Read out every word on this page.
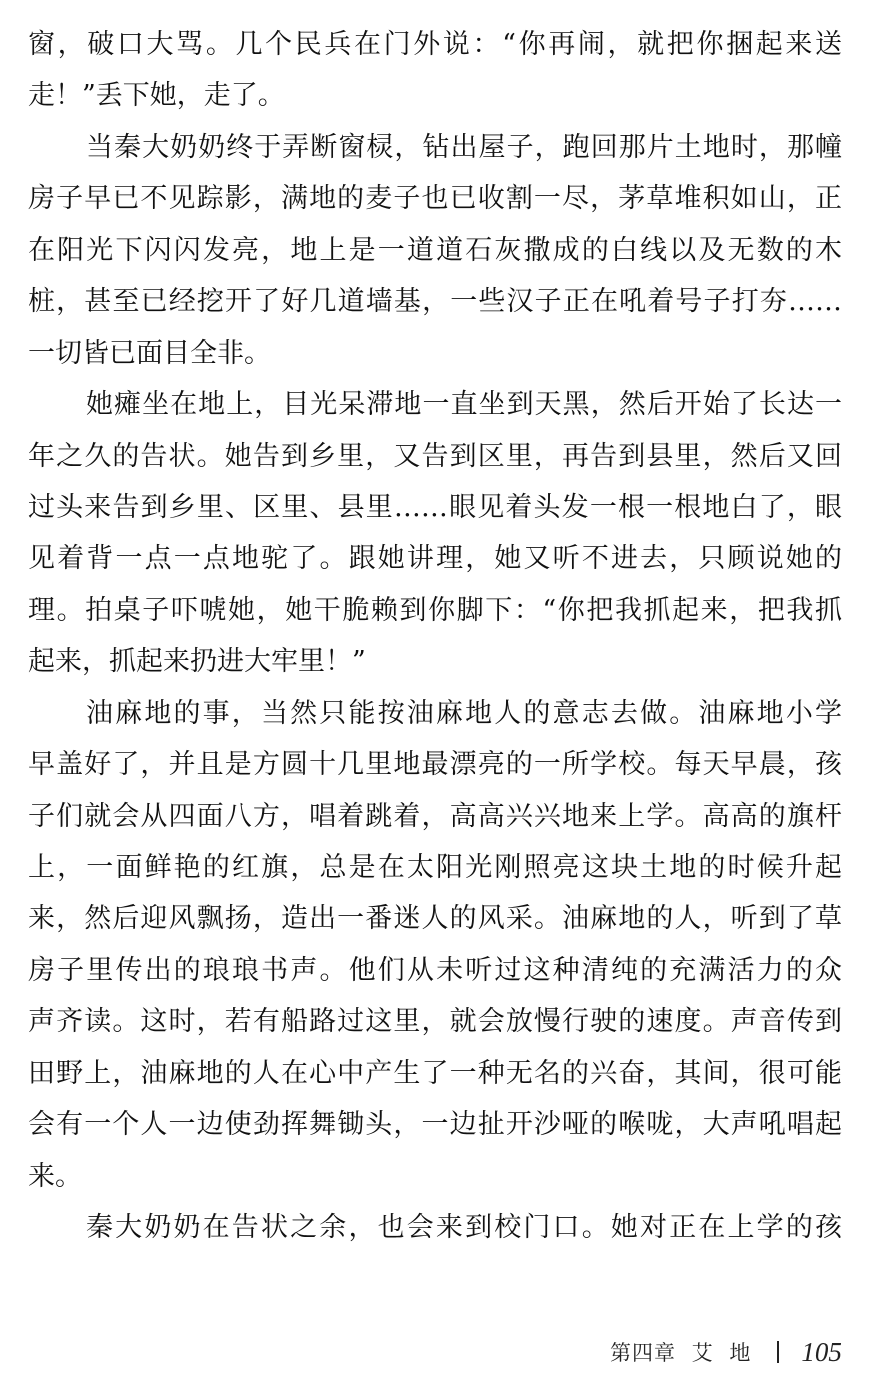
窗，破口大骂。几个民兵在门外说：“你再闹，就把你捆起来送
走！”丢下她，走了。
当秦大奶奶终于弄断窗棂，钻出屋子，跑回那片土地时，那幢
房子早已不见踪影，满地的麦子也已收割一尽，茅草堆积如山，正
在阳光下闪闪发亮，地上是一道道石灰撒成的白线以及无数的木
桩，甚至已经挖开了好几道墙基，一些汉子正在吼着号子打夯……
一切皆已面目全非。
她瘫坐在地上，目光呆滞地一直坐到天黑，然后开始了长达一
年之久的告状。她告到乡里，又告到区里，再告到县里，然后又回
过头来告到乡里、区里、县里……眼见着头发一根一根地白了，眼
见着背一点一点地驼了。跟她讲理，她又听不进去，只顾说她的
理。拍桌子吓唬她，她干脆赖到你脚下：“你把我抓起来，把我抓
起来，抓起来扔进大牢里！”
油麻地的事，当然只能按油麻地人的意志去做。油麻地小学
早盖好了，并且是方圆十几里地最漂亮的一所学校。每天早晨，孩
子们就会从四面八方，唱着跳着，高高兴兴地来上学。高高的旗杆
上，一面鲜艳的红旗，总是在太阳光刚照亮这块土地的时候升起
来，然后迎风飘扬，造出一番迷人的风采。油麻地的人，听到了草
房子里传出的琅琅书声。他们从未听过这种清纯的充满活力的众
声齐读。这时，若有船路过这里，就会放慢行驶的速度。声音传到
田野上，油麻地的人在心中产生了一种无名的兴奋，其间，很可能
会有一个人一边使劲挥舞锄头，一边扯开沙哑的喉咙，大声吼唱起
来。
秦大奶奶在告状之余，也会来到校门口。她对正在上学的孩
第四章 艾 地 105
